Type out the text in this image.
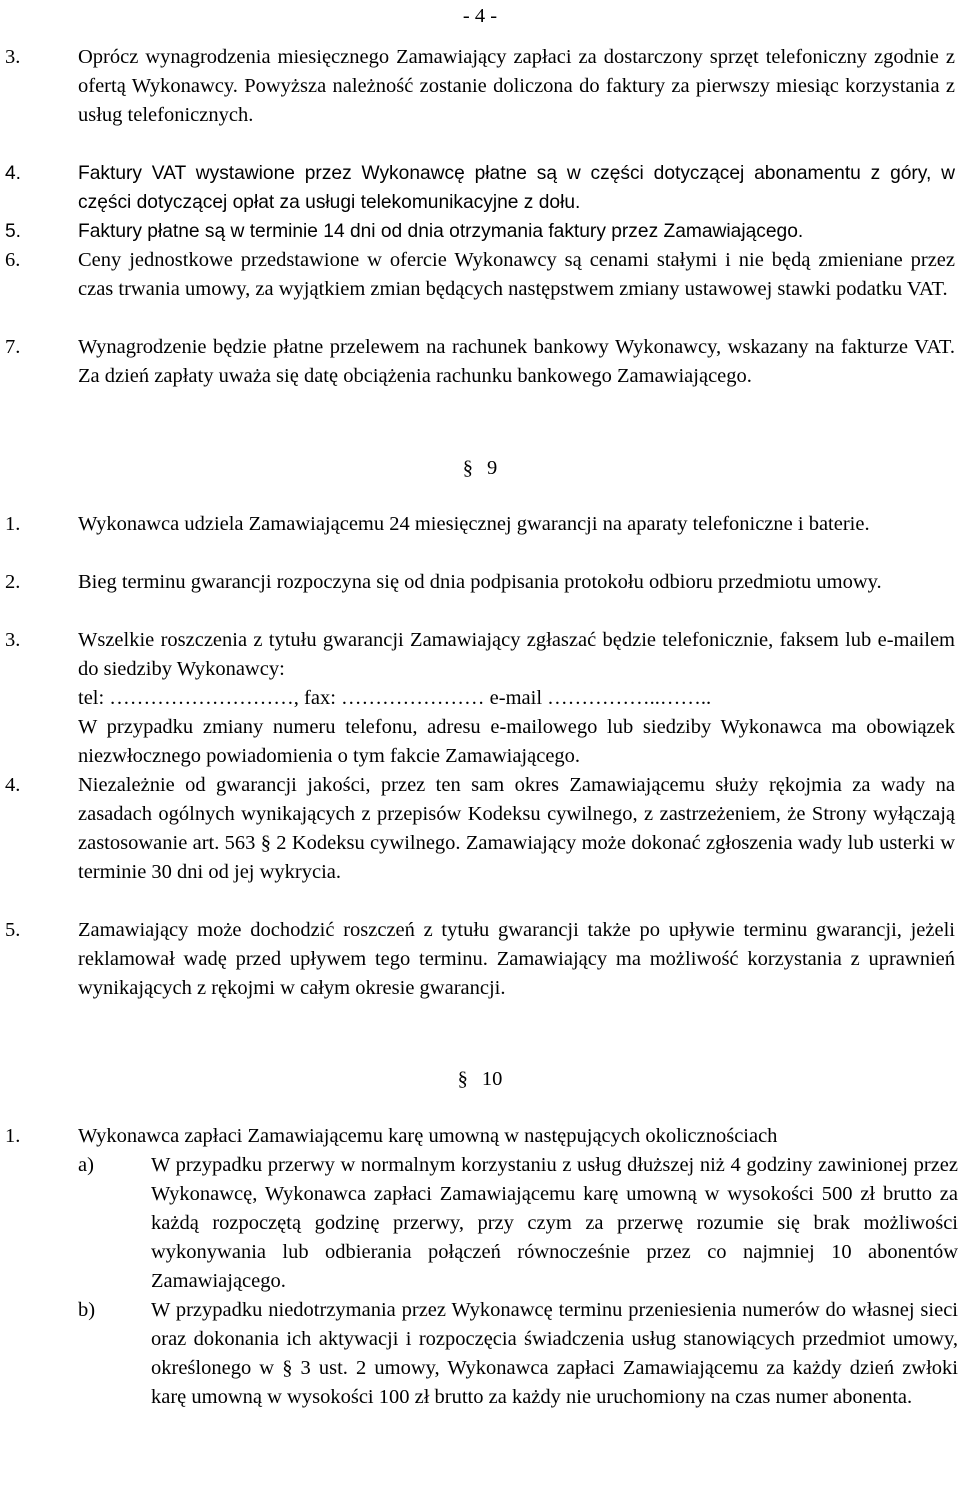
- 4 -
3.	Oprócz wynagrodzenia miesięcznego Zamawiający zapłaci za dostarczony sprzęt telefoniczny zgodnie z ofertą Wykonawcy. Powyższa należność zostanie doliczona do faktury za pierwszy miesiąc korzystania z usług telefonicznych.
4.	Faktury VAT wystawione przez Wykonawcę płatne są w części dotyczącej abonamentu z góry, w części dotyczącej opłat za usługi telekomunikacyjne z dołu.
5.	Faktury płatne są w terminie 14 dni od dnia otrzymania faktury przez Zamawiającego.
6.	Ceny jednostkowe przedstawione w ofercie Wykonawcy są cenami stałymi i nie będą zmieniane przez czas trwania umowy, za wyjątkiem zmian będących następstwem zmiany ustawowej stawki podatku VAT.
7.	Wynagrodzenie będzie płatne przelewem na rachunek bankowy Wykonawcy, wskazany na fakturze VAT. Za dzień zapłaty uważa się datę obciążenia rachunku bankowego Zamawiającego.
§ 9
1.	Wykonawca udziela Zamawiającemu 24 miesięcznej gwarancji na aparaty telefoniczne i baterie.
2.	Bieg terminu gwarancji rozpoczyna się od dnia podpisania protokołu odbioru przedmiotu umowy.
3.	Wszelkie roszczenia z tytułu gwarancji Zamawiający zgłaszać będzie telefonicznie, faksem lub e-mailem do siedziby Wykonawcy:
tel: ………………………, fax: ………………… e-mail ……………..……..
W przypadku zmiany numeru telefonu, adresu e-mailowego lub siedziby Wykonawca ma obowiązek niezwłocznego powiadomienia o tym fakcie Zamawiającego.
4.	Niezależnie od gwarancji jakości, przez ten sam okres Zamawiającemu służy rękojmia za wady na zasadach ogólnych wynikających z przepisów Kodeksu cywilnego, z zastrzeżeniem, że Strony wyłączają zastosowanie art. 563 § 2 Kodeksu cywilnego. Zamawiający może dokonać zgłoszenia wady lub usterki w terminie 30 dni od jej wykrycia.
5.	Zamawiający może dochodzić roszczeń z tytułu gwarancji także po upływie terminu gwarancji, jeżeli reklamował wadę przed upływem tego terminu. Zamawiający ma możliwość korzystania z uprawnień wynikających z rękojmi w całym okresie gwarancji.
§ 10
1.	Wykonawca zapłaci Zamawiającemu karę umowną w następujących okolicznościach
a)	W przypadku przerwy w normalnym korzystaniu z usług dłuższej niż 4 godziny zawinionej przez Wykonawcę, Wykonawca zapłaci Zamawiającemu karę umowną w wysokości 500 zł brutto za każdą rozpoczętą godzinę przerwy, przy czym za przerwę rozumie się brak możliwości wykonywania lub odbierania połączeń równocześnie przez co najmniej 10 abonentów Zamawiającego.
b)	W przypadku niedotrzymania przez Wykonawcę terminu przeniesienia numerów do własnej sieci oraz dokonania ich aktywacji i rozpoczęcia świadczenia usług stanowiących przedmiot umowy, określonego w § 3 ust. 2 umowy, Wykonawca zapłaci Zamawiającemu za każdy dzień zwłoki karę umowną w wysokości 100 zł brutto za każdy nie uruchomiony na czas numer abonenta.
